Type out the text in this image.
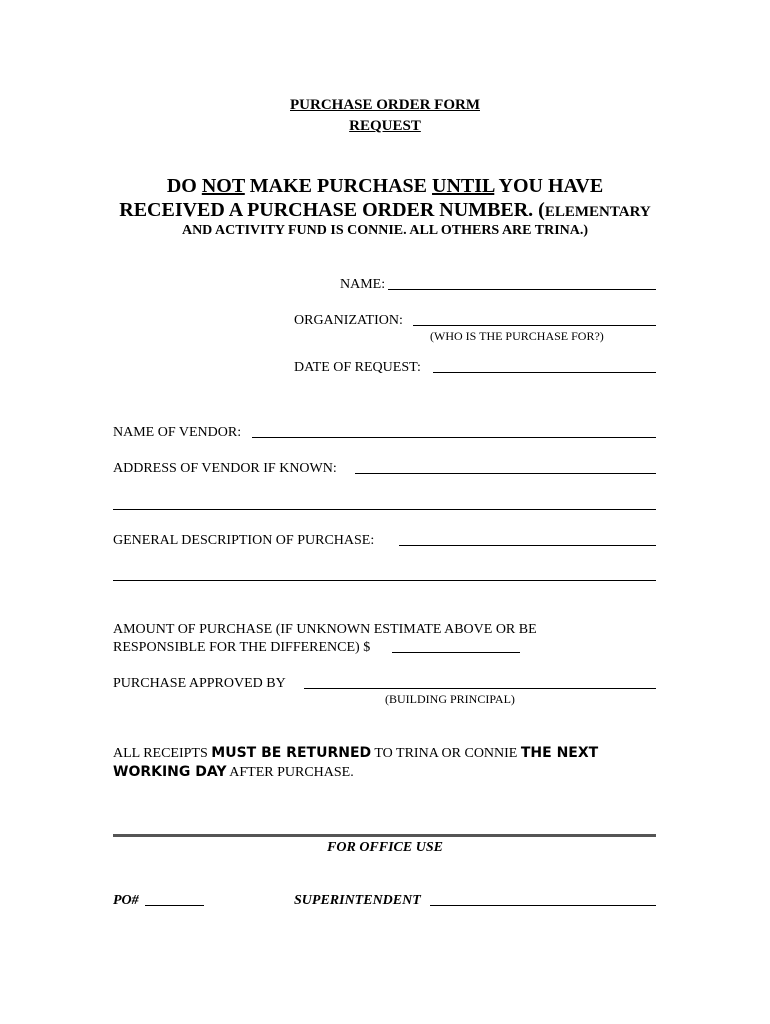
PURCHASE ORDER FORM
REQUEST
DO NOT MAKE PURCHASE UNTIL YOU HAVE
RECEIVED A PURCHASE ORDER NUMBER. (ELEMENTARY
AND ACTIVITY FUND IS CONNIE. ALL OTHERS ARE TRINA.)
NAME:
ORGANIZATION:
(WHO IS THE PURCHASE FOR?)
DATE OF REQUEST:
NAME OF VENDOR:
ADDRESS OF VENDOR IF KNOWN:
GENERAL DESCRIPTION OF PURCHASE:
AMOUNT OF PURCHASE (IF UNKNOWN ESTIMATE ABOVE OR BE
RESPONSIBLE FOR THE DIFFERENCE) $
PURCHASE APPROVED BY
(BUILDING PRINCIPAL)
ALL RECEIPTS MUST BE RETURNED TO TRINA OR CONNIE THE NEXT
WORKING DAY AFTER PURCHASE.
FOR OFFICE USE
PO#	SUPERINTENDENT
